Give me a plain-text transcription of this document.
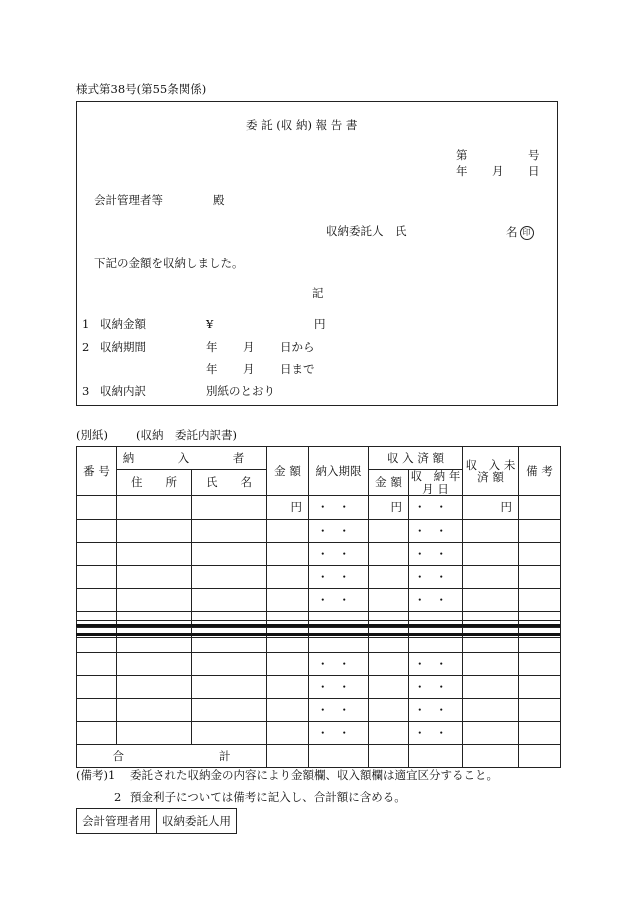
様式第38号(第55条関係)
委 託 (収 納) 報 告 書
第	号
年 月 日
会計管理者等	殿
収納委託人　氏	名 印
下記の金額を収納しました。
記
1 収納金額	¥	円
2 収納期間	年 月 日から
年 月 日まで
3 収納内訳	別紙のとおり
(別紙) (収納　委託内訳書)
番 号	納　入　者		金 額	納入期限	収 入 済 額		収　入 未 済 額	備 考
	住　　所	氏　　名			金 額	収　納 年 月 日		
			円	・・	円	・・	円	
				・・		・・		
				・・		・・		
				・・		・・		
				・・		・・		

				・・		・・		
				・・		・・		
				・・		・・		
				・・		・・		
合 計								
(備考)1 委託された収納金の内容により金額欄、収入額欄は適宜区分すること。
2 預金利子については備考に記入し、合計額に含める。
会計管理者用	収納委託人用
